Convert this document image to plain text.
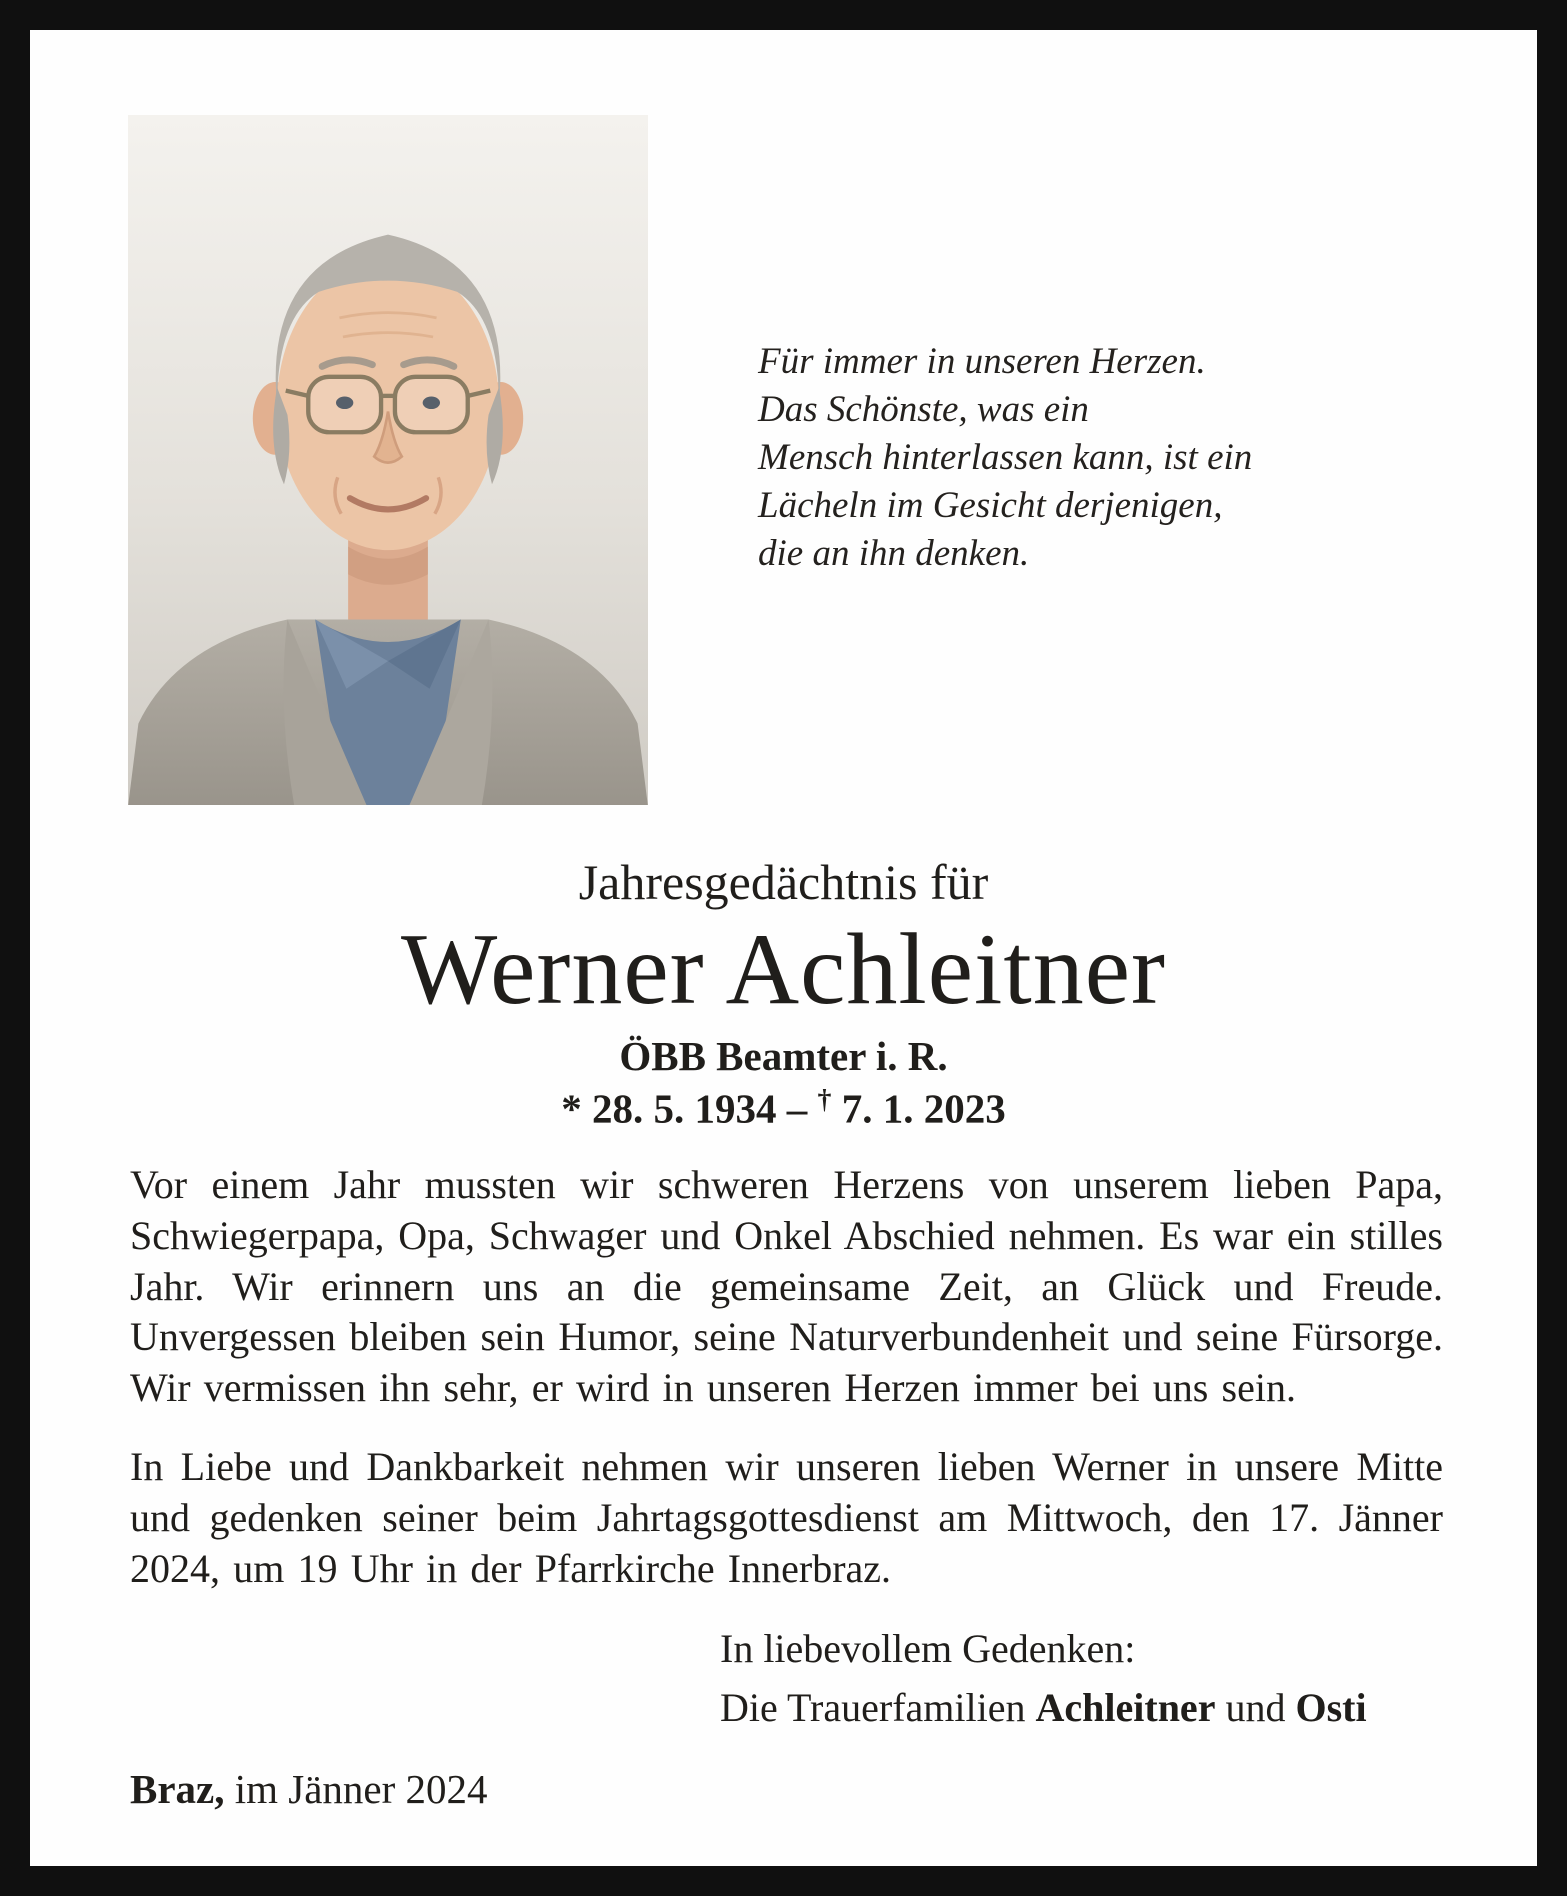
Für immer in unseren Herzen.
Das Schönste, was ein
Mensch hinterlassen kann, ist ein
Lächeln im Gesicht derjenigen,
die an ihn denken.
Jahresgedächtnis für
Werner Achleitner
ÖBB Beamter i. R.
* 28. 5. 1934 – † 7. 1. 2023

Vor einem Jahr mussten wir schweren Herzens von unserem lieben Papa, Schwiegerpapa, Opa, Schwager und Onkel Abschied nehmen. Es war ein stilles Jahr. Wir erinnern uns an die gemeinsame Zeit, an Glück und Freude. Unvergessen bleiben sein Humor, seine Naturverbundenheit und seine Fürsorge. Wir vermissen ihn sehr, er wird in unseren Herzen immer bei uns sein.

In Liebe und Dankbarkeit nehmen wir unseren lieben Werner in unsere Mitte und gedenken seiner beim Jahrtagsgottesdienst am Mittwoch, den 17. Jänner 2024, um 19 Uhr in der Pfarrkirche Innerbraz.

In liebevollem Gedenken:
Die Trauerfamilien Achleitner und Osti
Braz, im Jänner 2024
